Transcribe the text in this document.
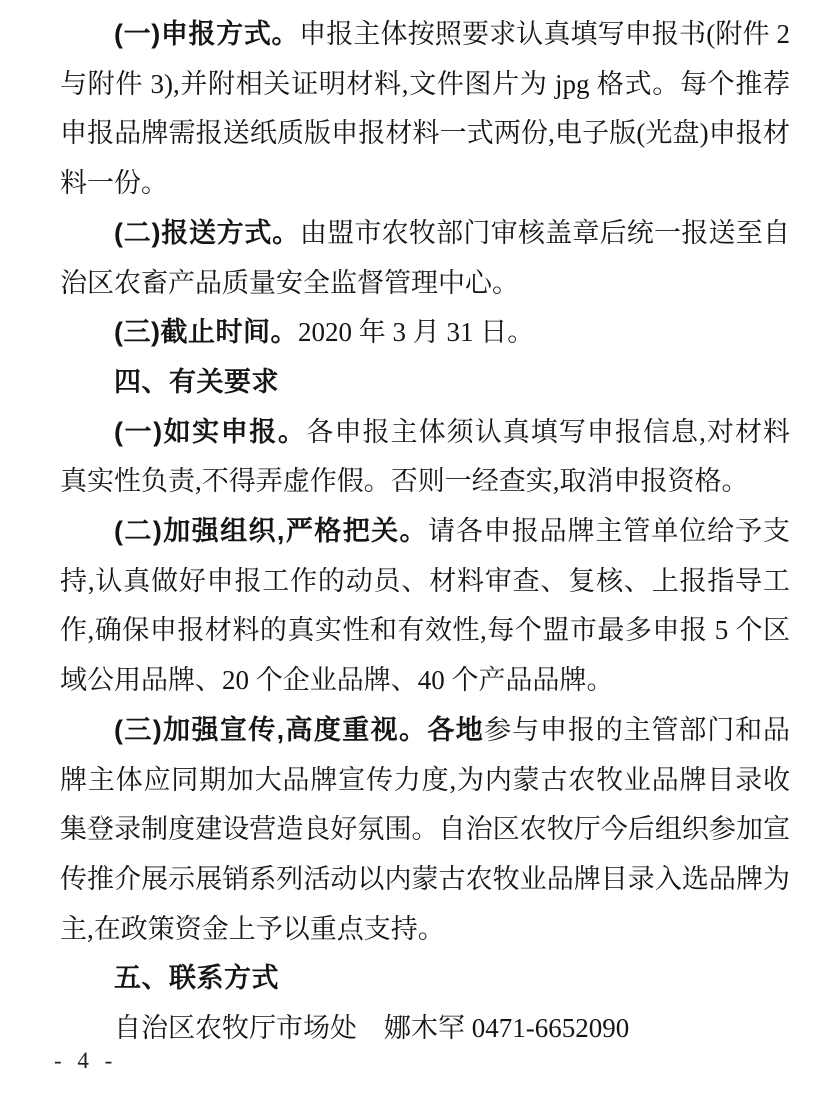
(一)申报方式。申报主体按照要求认真填写申报书(附件 2 与附件 3),并附相关证明材料,文件图片为 jpg 格式。每个推荐申报品牌需报送纸质版申报材料一式两份,电子版(光盘)申报材料一份。

(二)报送方式。由盟市农牧部门审核盖章后统一报送至自治区农畜产品质量安全监督管理中心。

(三)截止时间。2020 年 3 月 31 日。

四、有关要求

(一)如实申报。各申报主体须认真填写申报信息,对材料真实性负责,不得弄虚作假。否则一经查实,取消申报资格。

(二)加强组织,严格把关。请各申报品牌主管单位给予支持,认真做好申报工作的动员、材料审查、复核、上报指导工作,确保申报材料的真实性和有效性,每个盟市最多申报 5 个区域公用品牌、20 个企业品牌、40 个产品品牌。

(三)加强宣传,高度重视。各地参与申报的主管部门和品牌主体应同期加大品牌宣传力度,为内蒙古农牧业品牌目录收集登录制度建设营造良好氛围。自治区农牧厅今后组织参加宣传推介展示展销系列活动以内蒙古农牧业品牌目录入选品牌为主,在政策资金上予以重点支持。

五、联系方式

自治区农牧厅市场处　娜木罕 0471-6652090

- 4 -
